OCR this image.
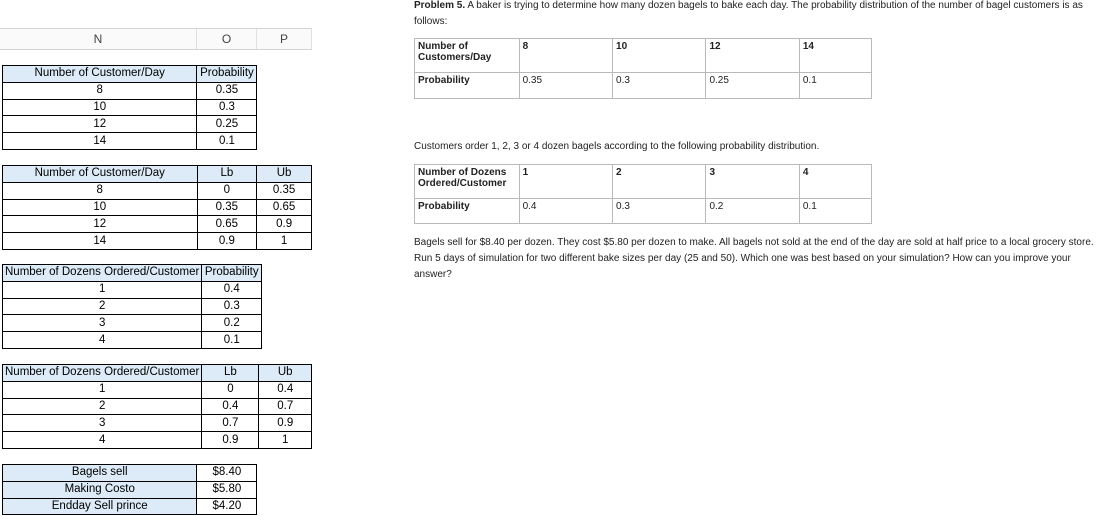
N	O	P
Number of Customer/Day	Probability	
8	0.35	
10	0.3	
12	0.25	
14	0.1	
Number of Customer/Day	Lb	Ub
8	0	0.35
10	0.35	0.65
12	0.65	0.9
14	0.9	1
Number of Dozens Ordered/Customer	Probability	
1	0.4	
2	0.3	
3	0.2	
4	0.1	
Number of Dozens Ordered/Customer	Lb	Ub
1	0	0.4
2	0.4	0.7
3	0.7	0.9
4	0.9	1
Bagels sell	$8.40	
Making Costo	$5.80	
Endday Sell prince	$4.20	
Problem 5. A baker is trying to determine how many dozen bagels to bake each day. The probability distribution of the number of bagel customers is as follows:
Number of Customers/Day	8	10	12	14
Probability	0.35	0.3	0.25	0.1
Customers order 1, 2, 3 or 4 dozen bagels according to the following probability distribution.
Number of Dozens Ordered/Customer	1	2	3	4
Probability	0.4	0.3	0.2	0.1
Bagels sell for $8.40 per dozen. They cost $5.80 per dozen to make. All bagels not sold at the end of the day are sold at half price to a local grocery store. Run 5 days of simulation for two different bake sizes per day (25 and 50). Which one was best based on your simulation? How can you improve your answer?
